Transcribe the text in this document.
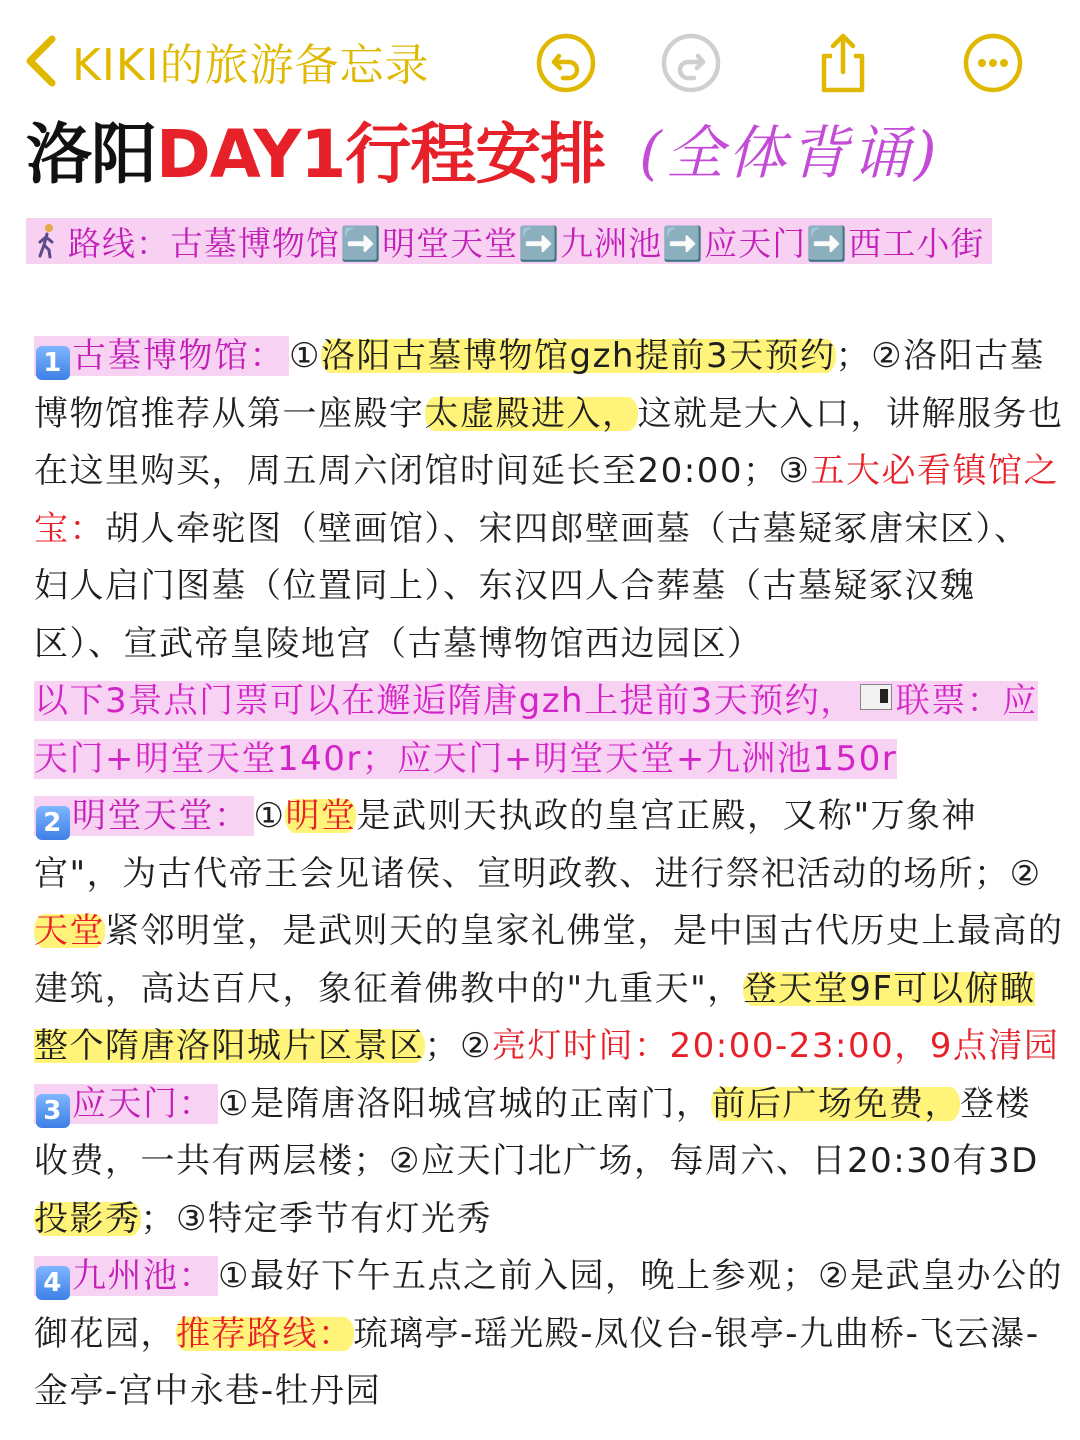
KIKI的旅游备忘录
洛阳 DAY1行程安排 (全体背诵)
路线：古墓博物馆➡️明堂天堂➡️九洲池➡️应天门➡️西工小街

1 古墓博物馆： ①洛阳古墓博物馆gzh提前3天预约；②洛阳古墓博物馆推荐从第一座殿宇太虚殿进入，这就是大入口，讲解服务也在这里购买，周五周六闭馆时间延长至20:00；③五大必看镇馆之宝：胡人牵驼图（壁画馆）、宋四郎壁画墓（古墓疑冢唐宋区）、妇人启门图墓（位置同上）、东汉四人合葬墓（古墓疑冢汉魏区）、宣武帝皇陵地宫（古墓博物馆西边园区）

以下3景点门票可以在邂逅隋唐gzh上提前3天预约， 联票：应天门+明堂天堂140r；应天门+明堂天堂+九洲池150r

2 明堂天堂： ①明堂是武则天执政的皇宫正殿，又称"万象神宫"，为古代帝王会见诸侯、宣明政教、进行祭祀活动的场所；②天堂紧邻明堂，是武则天的皇家礼佛堂，是中国古代历史上最高的建筑，高达百尺，象征着佛教中的"九重天"，登天堂9F可以俯瞰整个隋唐洛阳城片区景区；②亮灯时间：20:00-23:00，9点清园

3 应天门： ①是隋唐洛阳城宫城的正南门，前后广场免费，登楼收费，一共有两层楼；②应天门北广场，每周六、日20:30有3D投影秀；③特定季节有灯光秀

4 九州池： ①最好下午五点之前入园，晚上参观；②是武皇办公的御花园，推荐路线：琉璃亭-瑶光殿-凤仪台-银亭-九曲桥-飞云瀑-金亭-宫中永巷-牡丹园
